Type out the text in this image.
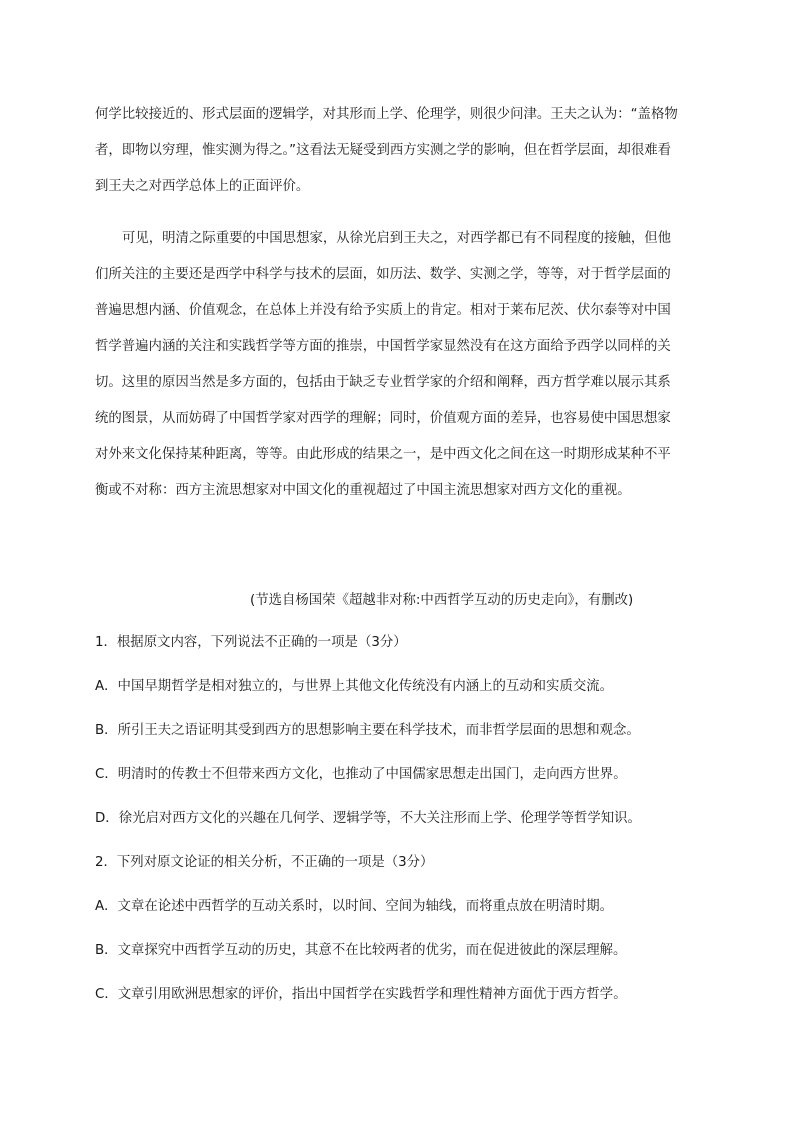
何学比较接近的、形式层面的逻辑学，对其形而上学、伦理学，则很少问津。王夫之认为：“盖格物
者，即物以穷理，惟实测为得之。”这看法无疑受到西方实测之学的影响，但在哲学层面，却很难看
到王夫之对西学总体上的正面评价。

可见，明清之际重要的中国思想家，从徐光启到王夫之，对西学都已有不同程度的接触，但他
们所关注的主要还是西学中科学与技术的层面，如历法、数学、实测之学，等等，对于哲学层面的
普遍思想内涵、价值观念，在总体上并没有给予实质上的肯定。相对于莱布尼茨、伏尔泰等对中国
哲学普遍内涵的关注和实践哲学等方面的推崇，中国哲学家显然没有在这方面给予西学以同样的关
切。这里的原因当然是多方面的，包括由于缺乏专业哲学家的介绍和阐释，西方哲学难以展示其系
统的图景，从而妨碍了中国哲学家对西学的理解；同时，价值观方面的差异，也容易使中国思想家
对外来文化保持某种距离，等等。由此形成的结果之一，是中西文化之间在这一时期形成某种不平
衡或不对称：西方主流思想家对中国文化的重视超过了中国主流思想家对西方文化的重视。

(节选自杨国荣《超越非对称:中西哲学互动的历史走向》，有删改)
1．根据原文内容，下列说法不正确的一项是（3分）
A．中国早期哲学是相对独立的，与世界上其他文化传统没有内涵上的互动和实质交流。
B．所引王夫之语证明其受到西方的思想影响主要在科学技术，而非哲学层面的思想和观念。
C．明清时的传教士不但带来西方文化，也推动了中国儒家思想走出国门，走向西方世界。
D．徐光启对西方文化的兴趣在几何学、逻辑学等，不大关注形而上学、伦理学等哲学知识。
2．下列对原文论证的相关分析，不正确的一项是（3分）
A．文章在论述中西哲学的互动关系时，以时间、空间为轴线，而将重点放在明清时期。
B．文章探究中西哲学互动的历史，其意不在比较两者的优劣，而在促进彼此的深层理解。
C．文章引用欧洲思想家的评价，指出中国哲学在实践哲学和理性精神方面优于西方哲学。
